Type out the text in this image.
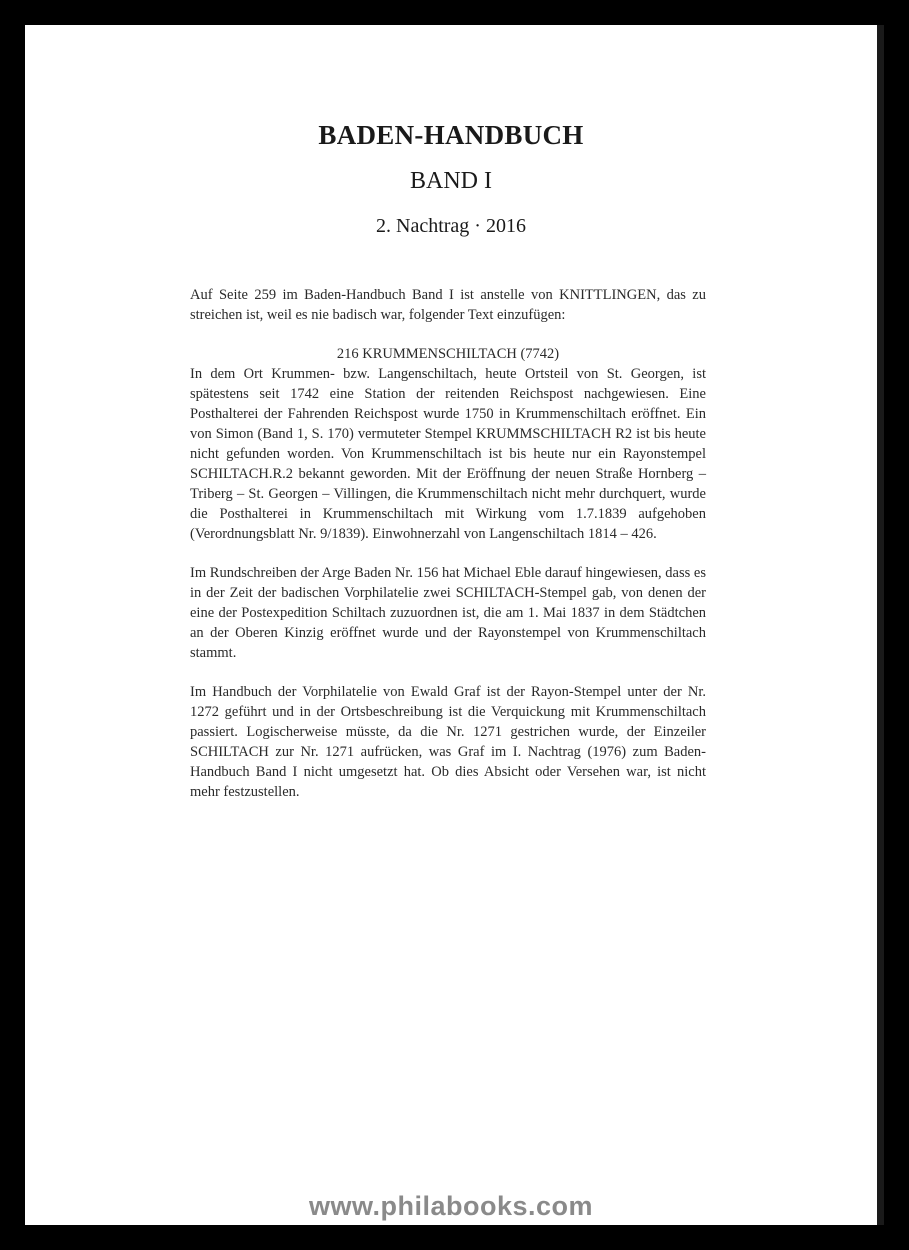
BADEN-HANDBUCH
BAND I
2. Nachtrag · 2016

Auf Seite 259 im Baden-Handbuch Band I ist anstelle von KNITTLINGEN, das zu streichen ist, weil es nie badisch war, folgender Text einzufügen:

216 KRUMMENSCHILTACH (7742)

In dem Ort Krummen- bzw. Langenschiltach, heute Ortsteil von St. Georgen, ist spätestens seit 1742 eine Station der reitenden Reichspost nachgewiesen. Eine Posthalterei der Fahrenden Reichspost wurde 1750 in Krummenschiltach eröffnet. Ein von Simon (Band 1, S. 170) vermuteter Stempel KRUMMSCHILTACH R2 ist bis heute nicht gefunden worden. Von Krummenschiltach ist bis heute nur ein Rayonstempel SCHILTACH.R.2 bekannt geworden. Mit der Eröffnung der neuen Straße Hornberg – Triberg – St. Georgen – Villingen, die Krummenschiltach nicht mehr durchquert, wurde die Posthalterei in Krummenschiltach mit Wirkung vom 1.7.1839 aufgehoben (Verordnungsblatt Nr. 9/1839). Einwohnerzahl von Langenschiltach 1814 – 426.

Im Rundschreiben der Arge Baden Nr. 156 hat Michael Eble darauf hingewiesen, dass es in der Zeit der badischen Vorphilatelie zwei SCHILTACH-Stempel gab, von denen der eine der Postexpedition Schiltach zuzuordnen ist, die am 1. Mai 1837 in dem Städtchen an der Oberen Kinzig eröffnet wurde und der Rayonstempel von Krummenschiltach stammt.

Im Handbuch der Vorphilatelie von Ewald Graf ist der Rayon-Stempel unter der Nr. 1272 geführt und in der Ortsbeschreibung ist die Verquickung mit Krummenschiltach passiert. Logischerweise müsste, da die Nr. 1271 gestrichen wurde, der Einzeiler SCHILTACH zur Nr. 1271 aufrücken, was Graf im I. Nachtrag (1976) zum Baden-Handbuch Band I nicht umgesetzt hat. Ob dies Absicht oder Versehen war, ist nicht mehr festzustellen.

www.philabooks.com
